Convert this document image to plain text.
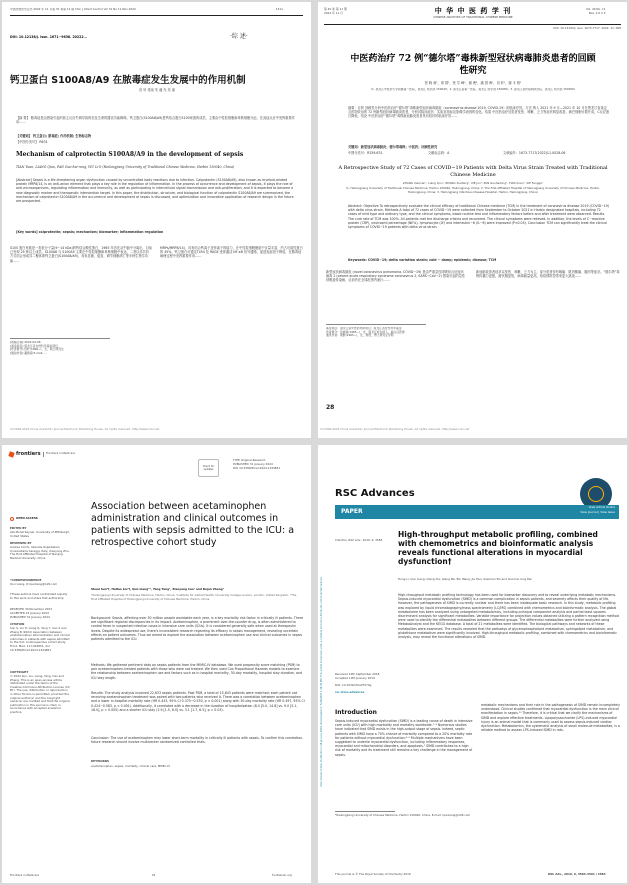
中国急救医学杂志 2022 年 11 月第 31 卷第 11 期 Chin J Infect Control Vol 31 No 11 Nov 2022	· 1311 ·
DOI: 10.12138/j. issn. 1671−9638. 20222...	·综 述·
钙卫蛋白 S100A8/A9 在脓毒症发生发展中的作用机制
田 轩 梁前 朱 潘 光 吴 丽
【摘 要】 脓毒症是由感染引起的宿主反应失调导致的危及生命的器官功能障碍。钙卫蛋白(S100A8/A9)是钙结合蛋白S100家族的成员，主要由中性粒细胞和单核细胞分泌，在炎症反应中发挥重要作用……
【关键词】 钙卫蛋白; 脓毒症; 作用机制; 生物标志物
【中图分类号】 R631
Mechanism of calprotectin S100A8/A9 in the development of sepsis
TIAN Yuan, LIANG Qian, PAN Guo-hai-rong, WU Li-li (Heilongjiang University of Traditional Chinese Medicine, Harbin 150040, China)
[Abstract] Sepsis is a life-threatening organ dysfunction caused by uncontrolled body reactions due to infection. Calprotectin (S100A8/A9), also known as myeloid-related protein MRP8/14, is an anti-anion element that plays a key role in the regulation of inflammation. In the process of occurrence and development of sepsis, it plays the role of anti-microorganisms, regulating inflammation and immunity, as well as participating in intercellular signal transmission and anti-proliferation, and it is expected to become a new diagnostic marker and therapeutic intervention target. In this paper, the distribution, structure, and biological function of calprotectin S100A8/A9 are summarized, the mechanism of calprotectin S100A8/A9 in the occurrence and development of sepsis is discussed, and optimization and innovative application of research design in the future are prospected.
[Key words] calprotectin; sepsis; mechanism; biomarker; inflammation regulation
S100 蛋白家族是一类低分子量(9~14 kDa)的钙结合酸性蛋白，1965 年首先从牛脑中分离出，目前已发现 25 种以上成员。S100A8 与 S100A9 主要在中性粒细胞和单核细胞中表达，二者以非共价方式结合形成异二聚体即钙卫蛋白(S100A8/A9)，具有抗菌、促炎、调节细胞凋亡等多种生物学功能……
MRPs/MRP8/14)，具有结合钙离子及锌离子的能力，在中性粒细胞胞质中含量丰富，约占可溶性蛋白的 45%。钙卫蛋白可通过TLR4 及 RAGE 受体激活 NF-κB 信号通路，促进炎症因子释放，在脓毒症病理过程中发挥重要作用……
[收稿日期] 2022-04-06
[基金项目] 黑龙江省自然科学基金项目
[作者简介] 田轩(1996−)，女，硕士研究生
[通信作者] 潘国海 E-mail: ...
(C)1994-2022 China Academic Journal Electronic Publishing House. All rights reserved. http://www.cnki.net
第 40 卷 第 11 期
2022 年 11 月	中 华 中 医 药 学 刊
CHINESE ARCHIVES OF TRADITIONAL CHINESE MEDICINE
Vol. 40 No. 11
Nov. 2 0 2 2
DOI: 10.13193/j. issn. 1673-7717. 2022. 11. 008
中医药治疗 72 例“德尔塔”毒株新型冠状病毒肺炎患者的回顾性研究
张 晓 南¹，梁 群¹，张 学 峰²，谢 俊³，潘 国 海¹，田 轩¹，谢 丰 格¹
(1. 黑龙江中医药大学附属第一医院，黑龙江 哈尔滨 150040；2. 黑龙江省第一医院，黑龙江 哈尔滨 150080；3. 黑龙江省传染病防治院，黑龙江 哈尔滨 150050)
摘要：目的 回顾性分析中医药治疗“德尔塔”毒株新型冠状病毒肺炎（coronavirus disease 2019, COVID-19）的临床疗效。方法 纳入 2021 年 9 月—2021 年 10 月在黑龙江省某定点医院收治的 72 例新型冠状病毒肺炎患者，分析其临床症状、实验室指标及影像学表现的变化。结果 中医药治疗后患者发热、咳嗽、乏力等症状明显改善，淋巴细胞计数升高，C反应蛋白降低。结论 中医药治疗“德尔塔”毒株新冠肺炎患者具有较好的临床疗效……
关键词：新型冠状病毒肺炎；德尔塔毒株；中医药；回顾性研究
中图分类号：R259.631	文献标志码：A	文章编号：1673-7717(2022)11-0028-06
A Retrospective Study of 72 Cases of COVID−19 Patients with Delta Virus Strain Treated with Traditional Chinese Medicine
ZHANG Xiaonan¹, Liang Qun¹, ZHANG Xuefeng², XIE Jun³, PAN Guohaixing¹, TIAN Xuan¹, XIE Fengge¹
(1. Heilongjiang University of Traditional Chinese Medicine, Harbin 150040, Heilongjiang, China; 2. The First Affiliated Hospital of Heilongjiang University of Chinese Medicine, Harbin, Heilongjiang, China; 3. Heilongjiang Infectious Disease Hospital, Harbin, Heilongjiang, China)
Abstract: Objective To retrospectively evaluate the clinical efficacy of traditional Chinese medicine (TCM) in the treatment of coronavirus disease 2019 (COVID−19) with delta virus strain. Methods A total of 72 cases of COVID−19 were collected from September to October 2021 in Harbin designated hospitals, including 72 cases of mild type and ordinary type, and the clinical symptoms, blood routine test and inflammatory factors before and after treatment were observed. Results The cure rate of TCM was 100%. All patients met the discharge criteria and recovered. The clinical symptoms were relieved. In addition, the levels of C−reactive protein (CRP), neutrophil percentage (NE%), lymphocyte (LY) and interleukin−6 (IL−6) were improved (P<0.05). Conclusion TCM can significantly treat the clinical symptoms of COVID−19 patients with delta virus strain.
Keywords: COVID−19; delta variation strain; cold − damp; epidemic; disease; TCM
新型冠状病毒肺炎 (novel coronavirus pneumonia, COVID−19) 是由严重急性呼吸综合征冠状病毒 2 (severe acute respiratory syndrome coronavirus 2, SARS−CoV−2) 感染引起的急性呼吸道传染病，目前仍在全球范围内流行……
基金项目：黑龙江省中医药科研项目；黑龙江省自然科学基金
作者简介：张晓南(1985−)，女，黑龙江哈尔滨人，副主任医师
通讯作者：梁群(1965−)，女，教授，博士研究生导师
新冠肺炎患者症状以发热、咳嗽、乏力为主，部分患者伴有咽痛、肌肉酸痛、腹泻等症状。“德尔塔”毒株传播力更强，潜伏期更短，病毒载量更高，给疫情防控带来更大挑战……
28
(C)1994-2022 China Academic Journal Electronic Publishing House. All rights reserved. http://www.cnki.net
frontiers Frontiers in Medicine
Check for updates
TYPE Original Research
PUBLISHED 31 January 2024
DOI 10.3389/fmed.2024.1344851
OPEN ACCESS
EDITED BY
Ata Murat Kaynar, University of Pittsburgh, United States
REVIEWED BY
Andrea Cicchi, Azienda Ospedaliero Universitaria Careggi, Italy; Xiaoyong Zhu, The First Affiliated Hospital of Nanjing Medical University, China
*CORRESPONDENCE
Qun Liang, ✉ lqunliang@126.com
†These authors have contributed equally to this work and share first authorship
RECEIVED 30 November 2023
ACCEPTED 15 January 2024
PUBLISHED 31 January 2024
CITATION
Sun S, Liu H, Liang Q, Yang Y, Cao X and Zheng B (2024) Association between acetaminophen administration and clinical outcomes in patients with sepsis admitted to the ICU: a retrospective cohort study. Front. Med. 11:1344851. doi: 10.3389/fmed.2024.1344851
COPYRIGHT
© 2024 Sun, Liu, Liang, Yang, Cao and Zheng. This is an open-access article distributed under the terms of the Creative Commons Attribution License (CC BY). The use, distribution or reproduction in other forums is permitted, provided the original author(s) and the copyright owner(s) are credited and that the original publication in this journal is cited, in accordance with accepted academic practice.
Association between acetaminophen administration and clinical outcomes in patients with sepsis admitted to the ICU: a retrospective cohort study
Shuai Sun¹†, Haitao Liu²†, Qun Liang³*, Yang Yang¹, Xiaoyang Cao¹ and Bojun Zheng¹
¹Heilongjiang University of Chinese Medicine, Harbin, China, ²Institute for Global Health, University College London, London, United Kingdom, ³The First Affiliated Hospital of Heilongjiang University of Chinese Medicine, Harbin, China
Background: Sepsis, affecting over 30 million people worldwide each year, is a key mortality risk factor in critically ill patients. There are significant regional discrepancies in its impact. Acetaminophen, a prominent over-the-counter drug, is often administered to control fever in suspected infection cases in intensive care units (ICUs). It is considered generally safe when used at therapeutic levels. Despite its widespread use, there's inconsistent research regarding its efficacy in sepsis management, revealing uncertain effects on patient outcomes. Thus we aimed to explore the association between acetaminophen use and clinical outcomes in sepsis patients admitted to the ICU.
Methods: We gathered pertinent data on sepsis patients from the MIMIC-IV database. We used propensity score matching (PSM) to pair acetaminophen-treated patients with those who were not treated. We then used Cox Proportional Hazards models to examine the relationship between acetaminophen use and factors such as in-hospital mortality, 30-day mortality, hospital stay duration, and ICU stay length.
Results: The study analysis involved 22,633 sepsis patients. Post PSM, a total of 15,843 patients were matched; each patient not receiving acetaminophen treatment was paired with two patients who received it. There was a correlation between acetaminophen and a lower in-hospital mortality rate (HR 0.443, 95% CI 0.375−0.530, p < 0.001) along with 30-day mortality rate (HR 0.497, 95% CI 0.424−0.583, p < 0.001). Additionally, it correlated with a decrease in the duration of hospitalization (8.4 [5.0, 14.8] vs. 9.0 [5.1, 16.0], p = 0.005) and a shorter ICU stay (2.9 [1.5, 6.0] vs. 3.1 [1.7, 6.5]; p = 0.03).
Conclusion: The use of acetaminophen may lower short-term mortality in critically ill patients with sepsis. To confirm this correlation, future research should involve multicenter randomized controlled trials.
KEYWORDS
acetaminophen, sepsis, mortality, clinical care, MIMIC-IV
Frontiers in Medicine	01	frontiersin.org
RSC Advances
PAPER
View Article Online
View Journal | View Issue
Open Access Article. Published on 28 January 2019. Downloaded on 5/26/2023 1:46:39 PM. This article is licensed under a Creative Commons Attribution 3.0 Unported Licence.
Cite this: RSC Adv., 2019, 9, 3583
High-throughput metabolic profiling, combined with chemometrics and bioinformatic analysis reveals functional alterations in myocardial dysfunction†
Hong Li, Qun Liang, Qiang Xia, Qiang Pei, Bin Wang, Jie Han, Xiaoman Shi and Guo-hai-rong Pan
High-throughput metabolic profiling technology has been used for biomarker discovery and to reveal underlying metabolic mechanisms. Sepsis-induced myocardial dysfunction (SIMD) is a common complication in sepsis patients, and severely affects their quality of life. However, the pathogenesis of SIMD is currently unclear and there has been inadequate basic research. In this study, metabolic profiling was explored by liquid chromatography/mass spectrometry (LC/MS) combined with chemometrics and bioinformatic analysis. The global metabolome has been analyzed using untargeted metabolomics, including principal component analysis and partial least squares discriminant analysis for significant metabolites. Variable importance for projection values obtained utilizing a pattern recognition method were used to identify the differential metabolites between different groups. The differential metabolites were further analyzed using MetaboAnalyst and the KEGG database. A total of 21 metabolites were identified. The biological pathways and networks of these metabolites were examined. The results revealed that the pathways of glycerophospholipid metabolism, sphingolipid metabolism, and glutathione metabolism were significantly involved. High-throughput metabolic profiling, combined with chemometrics and bioinformatic analysis, may reveal the functional alterations of SIMD.
Received 12th September 2018
Accepted 10th January 2019
DOI: 10.1039/c8ra07570g
rsc.li/rsc-advances
Introduction
Sepsis-induced myocardial dysfunction (SIMD) is a leading cause of death in intensive care units (ICU) with high morbidity and mortality worldwide.¹⁻³ Numerous studies have indicated that SIMD exists in the high-output stage of sepsis. Indeed, septic patients with SIMD have a 70% chance of mortality compared to a 20% mortality rate for patients without myocardial dysfunction.⁴⁻⁶ Multiple mechanisms have been suggested to underlie myocardial dysfunction, including inflammatory responses, myocardial and mitochondrial disorders, and apoptosis.⁷ SIMD contributes to a high risk of mortality and its treatment still remains a key challenge in the management of sepsis.
ᵃHeilongjiang University of Chinese Medicine, Harbin 150040, China. E-mail: lqunliang@126.com
metabolic mechanisms and their role in the pathogenesis of SIMD remain incompletely understood. Clinical studies confirmed that myocardial dysfunction is the main clinical manifestation in sepsis.¹⁰ Therefore, it is critical that we clarify the mechanisms of SIMD and explore effective treatments. Lipopolysaccharide (LPS)-induced myocardial injury is an animal model that is commonly used to assess sepsis-induced cardiac dysfunction. Metabolomics, the systematic analysis of small molecule metabolites, is a reliable method to assess LPS-induced SIMD in rats.
This journal is © The Royal Society of Chemistry 2019	RSC Adv., 2019, 9, 3583–3591 | 3583
